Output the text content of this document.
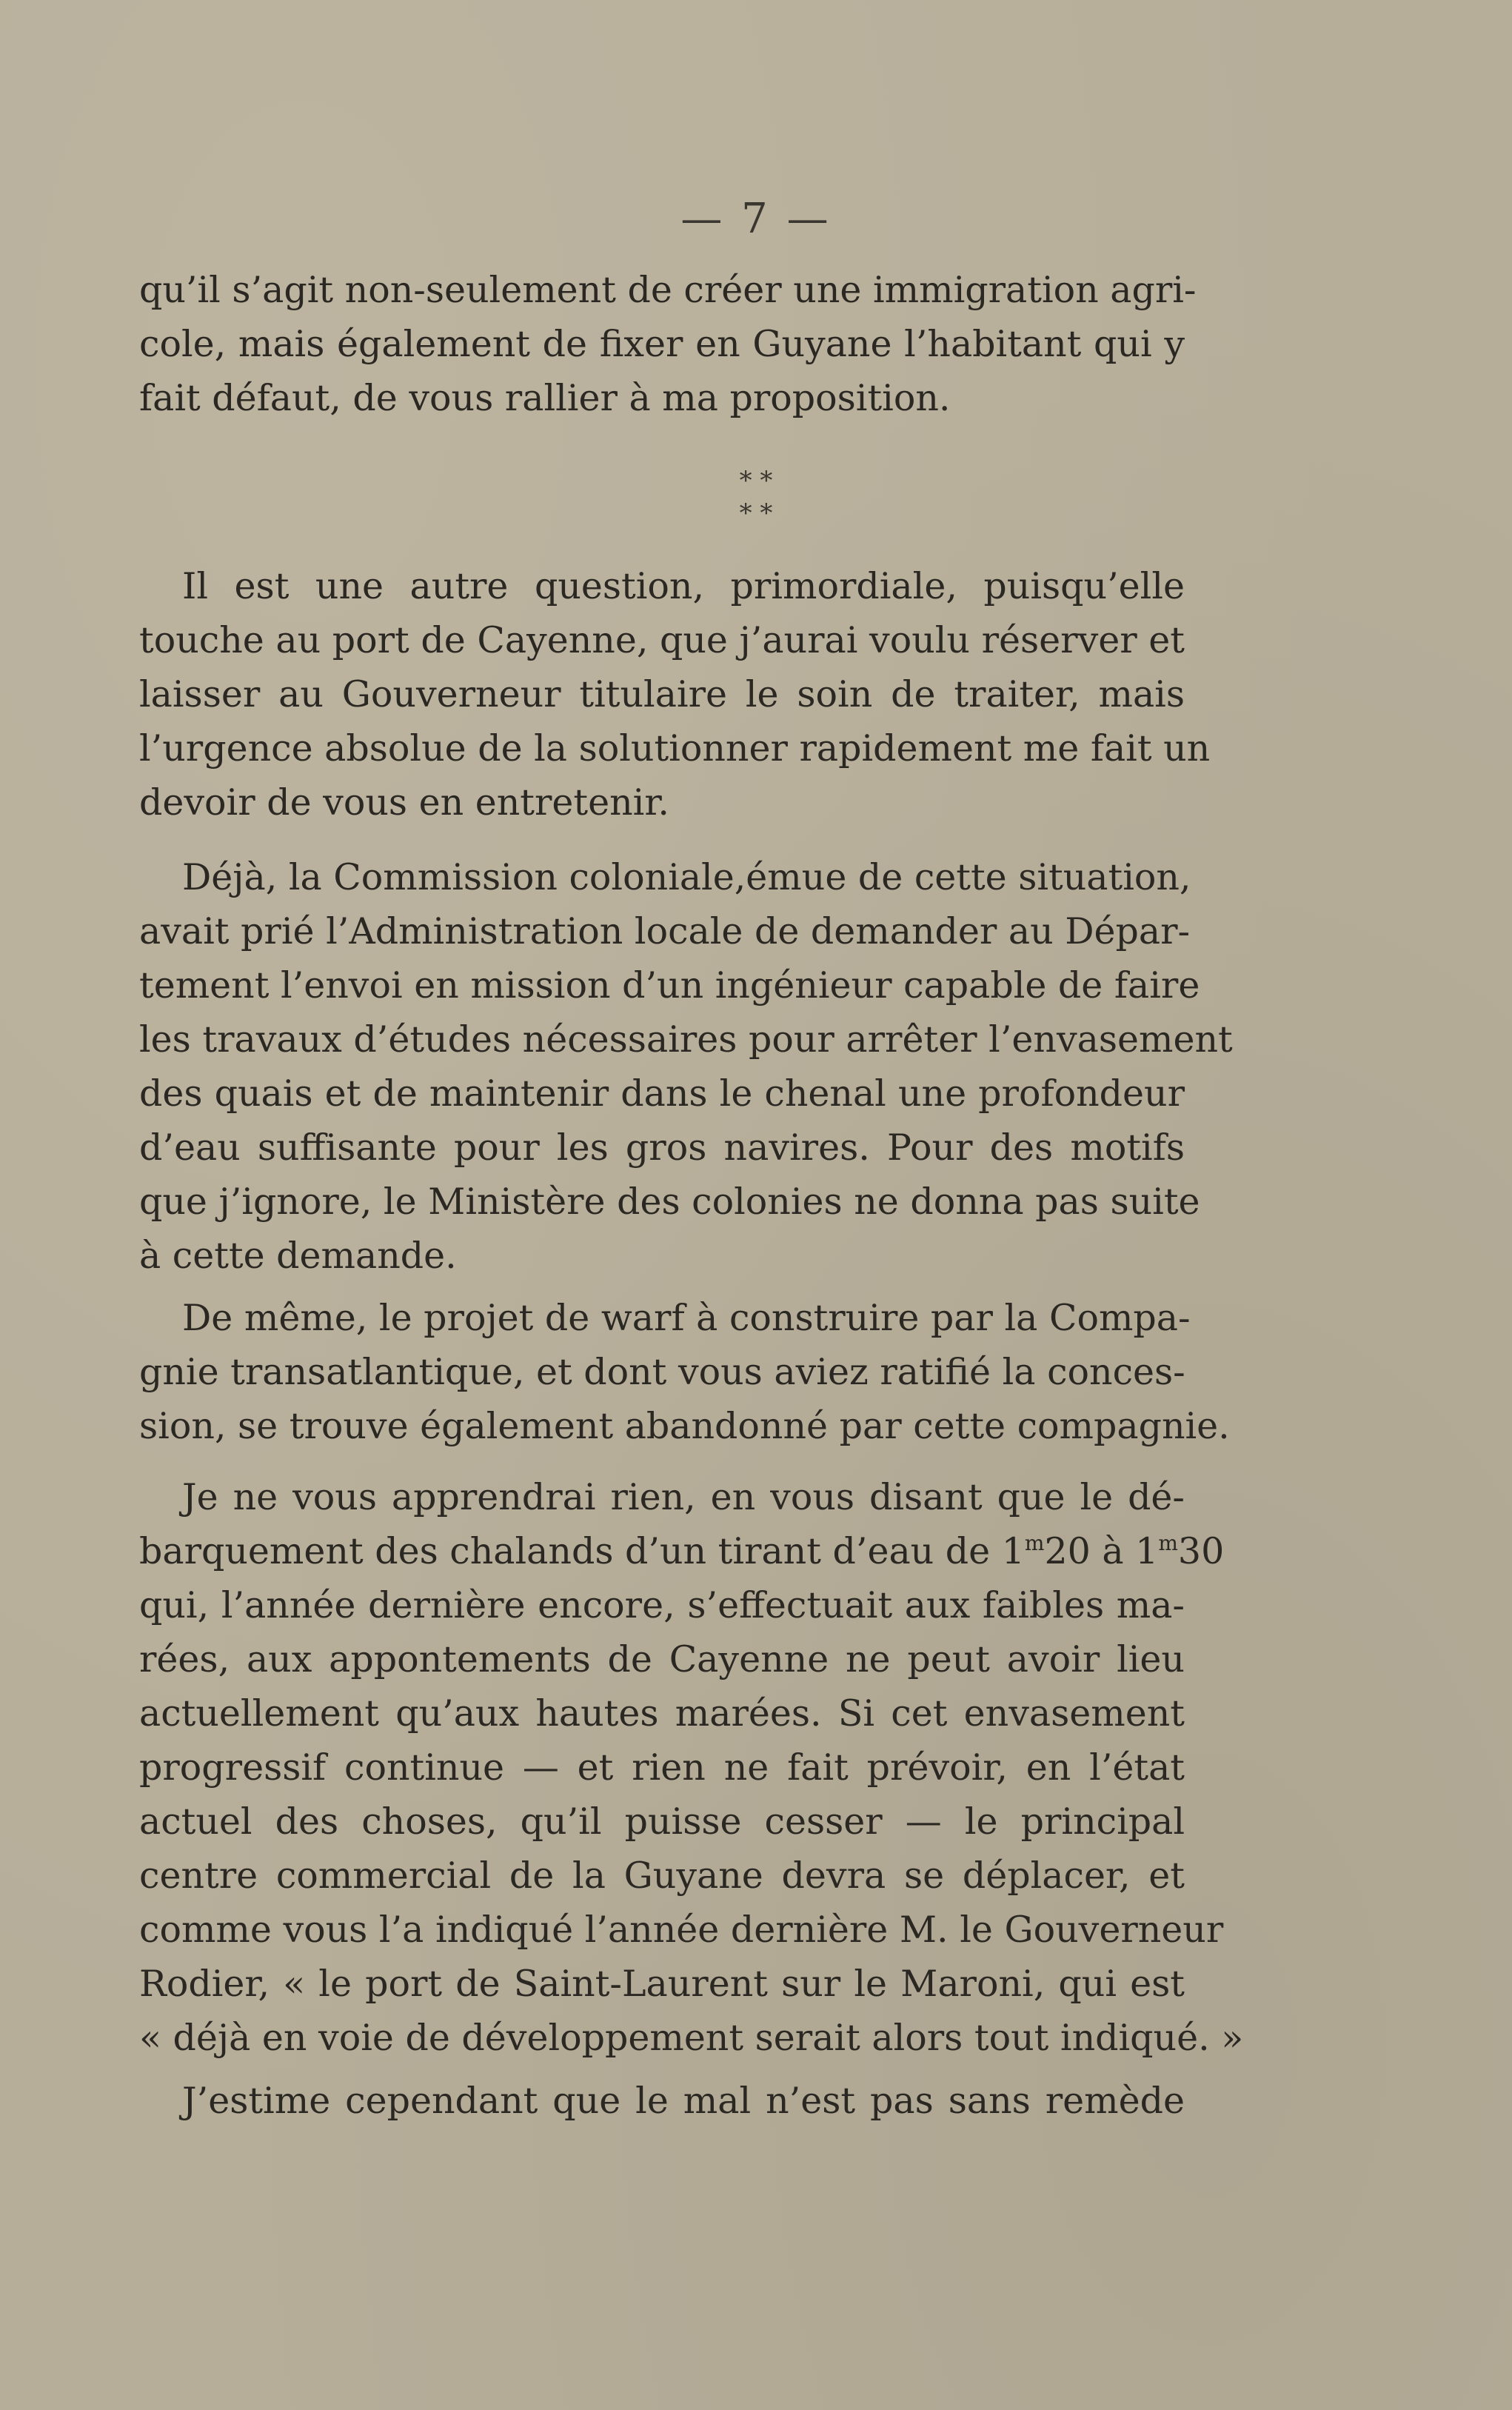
— 7 —
qu’il s’agit non-seulement de créer une immigration agri-
cole, mais également de fixer en Guyane l’habitant qui y
fait défaut, de vous rallier à ma proposition.
* *
* *
Il est une autre question, primordiale, puisqu’elle
touche au port de Cayenne, que j’aurai voulu réserver et
laisser au Gouverneur titulaire le soin de traiter, mais
l’urgence absolue de la solutionner rapidement me fait un
devoir de vous en entretenir.
Déjà, la Commission coloniale,émue de cette situation,
avait prié l’Administration locale de demander au Dépar-
tement l’envoi en mission d’un ingénieur capable de faire
les travaux d’études nécessaires pour arrêter l’envasement
des quais et de maintenir dans le chenal une profondeur
d’eau suffisante pour les gros navires. Pour des motifs
que j’ignore, le Ministère des colonies ne donna pas suite
à cette demande.
De même, le projet de warf à construire par la Compa-
gnie transatlantique, et dont vous aviez ratifié la conces-
sion, se trouve également abandonné par cette compagnie.
Je ne vous apprendrai rien, en vous disant que le dé-
barquement des chalands d’un tirant d’eau de 1$^m$20 à 1$^m$30
qui, l’année dernière encore, s’effectuait aux faibles ma-
rées, aux appontements de Cayenne ne peut avoir lieu
actuellement qu’aux hautes marées. Si cet envasement
progressif continue — et rien ne fait prévoir, en l’état
actuel des choses, qu’il puisse cesser — le principal
centre commercial de la Guyane devra se déplacer, et
comme vous l’a indiqué l’année dernière M. le Gouverneur
Rodier, « le port de Saint-Laurent sur le Maroni, qui est
« déjà en voie de développement serait alors tout indiqué. »
J’estime cependant que le mal n’est pas sans remède
